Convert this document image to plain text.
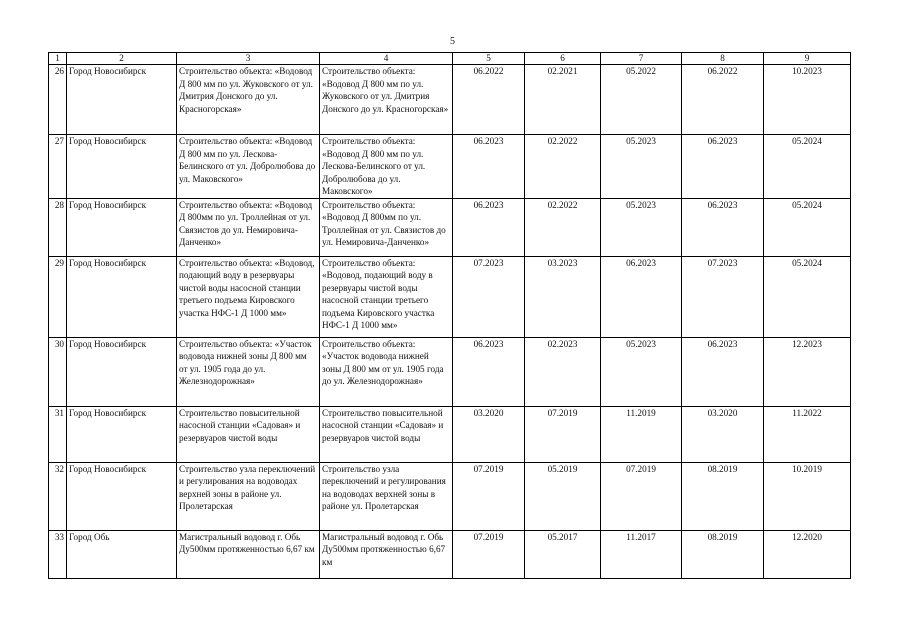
5
1	2	3	4	5	6	7	8	9
26	Город Новосибирск	Строительство объекта: «Водовод Д 800 мм по ул. Жуковского от ул. Дмитрия Донского до ул. Красногорская»	Строительство объекта: «Водовод Д 800 мм по ул. Жуковского от ул. Дмитрия Донского до ул. Красногорская»	06.2022	02.2021	05.2022	06.2022	10.2023
27	Город Новосибирск	Строительство объекта: «Водовод Д 800 мм по ул. Лескова-Белинского от ул. Добролюбова до ул. Маковского»	Строительство объекта: «Водовод Д 800 мм по ул. Лескова-Белинского от ул. Добролюбова до ул. Маковского»	06.2023	02.2022	05.2023	06.2023	05.2024
28	Город Новосибирск	Строительство объекта: «Водовод Д 800мм по ул. Троллейная от ул. Связистов до ул. Немировича-Данченко»	Строительство объекта: «Водовод Д 800мм по ул. Троллейная от ул. Связистов до ул. Немировича-Данченко»	06.2023	02.2022	05.2023	06.2023	05.2024
29	Город Новосибирск	Строительство объекта: «Водовод, подающий воду в резервуары чистой воды насосной станции третьего подъема Кировского участка НФС-1 Д 1000 мм»	Строительство объекта: «Водовод, подающий воду в резервуары чистой воды насосной станции третьего подъема Кировского участка НФС-1 Д 1000 мм»	07.2023	03.2023	06.2023	07.2023	05.2024
30	Город Новосибирск	Строительство объекта: «Участок водовода нижней зоны Д 800 мм от ул. 1905 года до ул. Железнодорожная»	Строительство объекта: «Участок водовода нижней зоны Д 800 мм от ул. 1905 года до ул. Железнодорожная»	06.2023	02.2023	05.2023	06.2023	12.2023
31	Город Новосибирск	Строительство повысительной насосной станции «Садовая» и резервуаров чистой воды	Строительство повысительной насосной станции «Садовая» и резервуаров чистой воды	03.2020	07.2019	11.2019	03.2020	11.2022
32	Город Новосибирск	Строительство узла переключений и регулирования на водоводах верхней зоны в районе ул. Пролетарская	Строительство узла переключений и регулирования на водоводах верхней зоны в районе ул. Пролетарская	07.2019	05.2019	07.2019	08.2019	10.2019
33	Город Обь	Магистральный водовод г. Обь Ду500мм протяженностью 6,67 км	Магистральный водовод г. Обь Ду500мм протяженностью 6,67 км	07.2019	05.2017	11.2017	08.2019	12.2020
